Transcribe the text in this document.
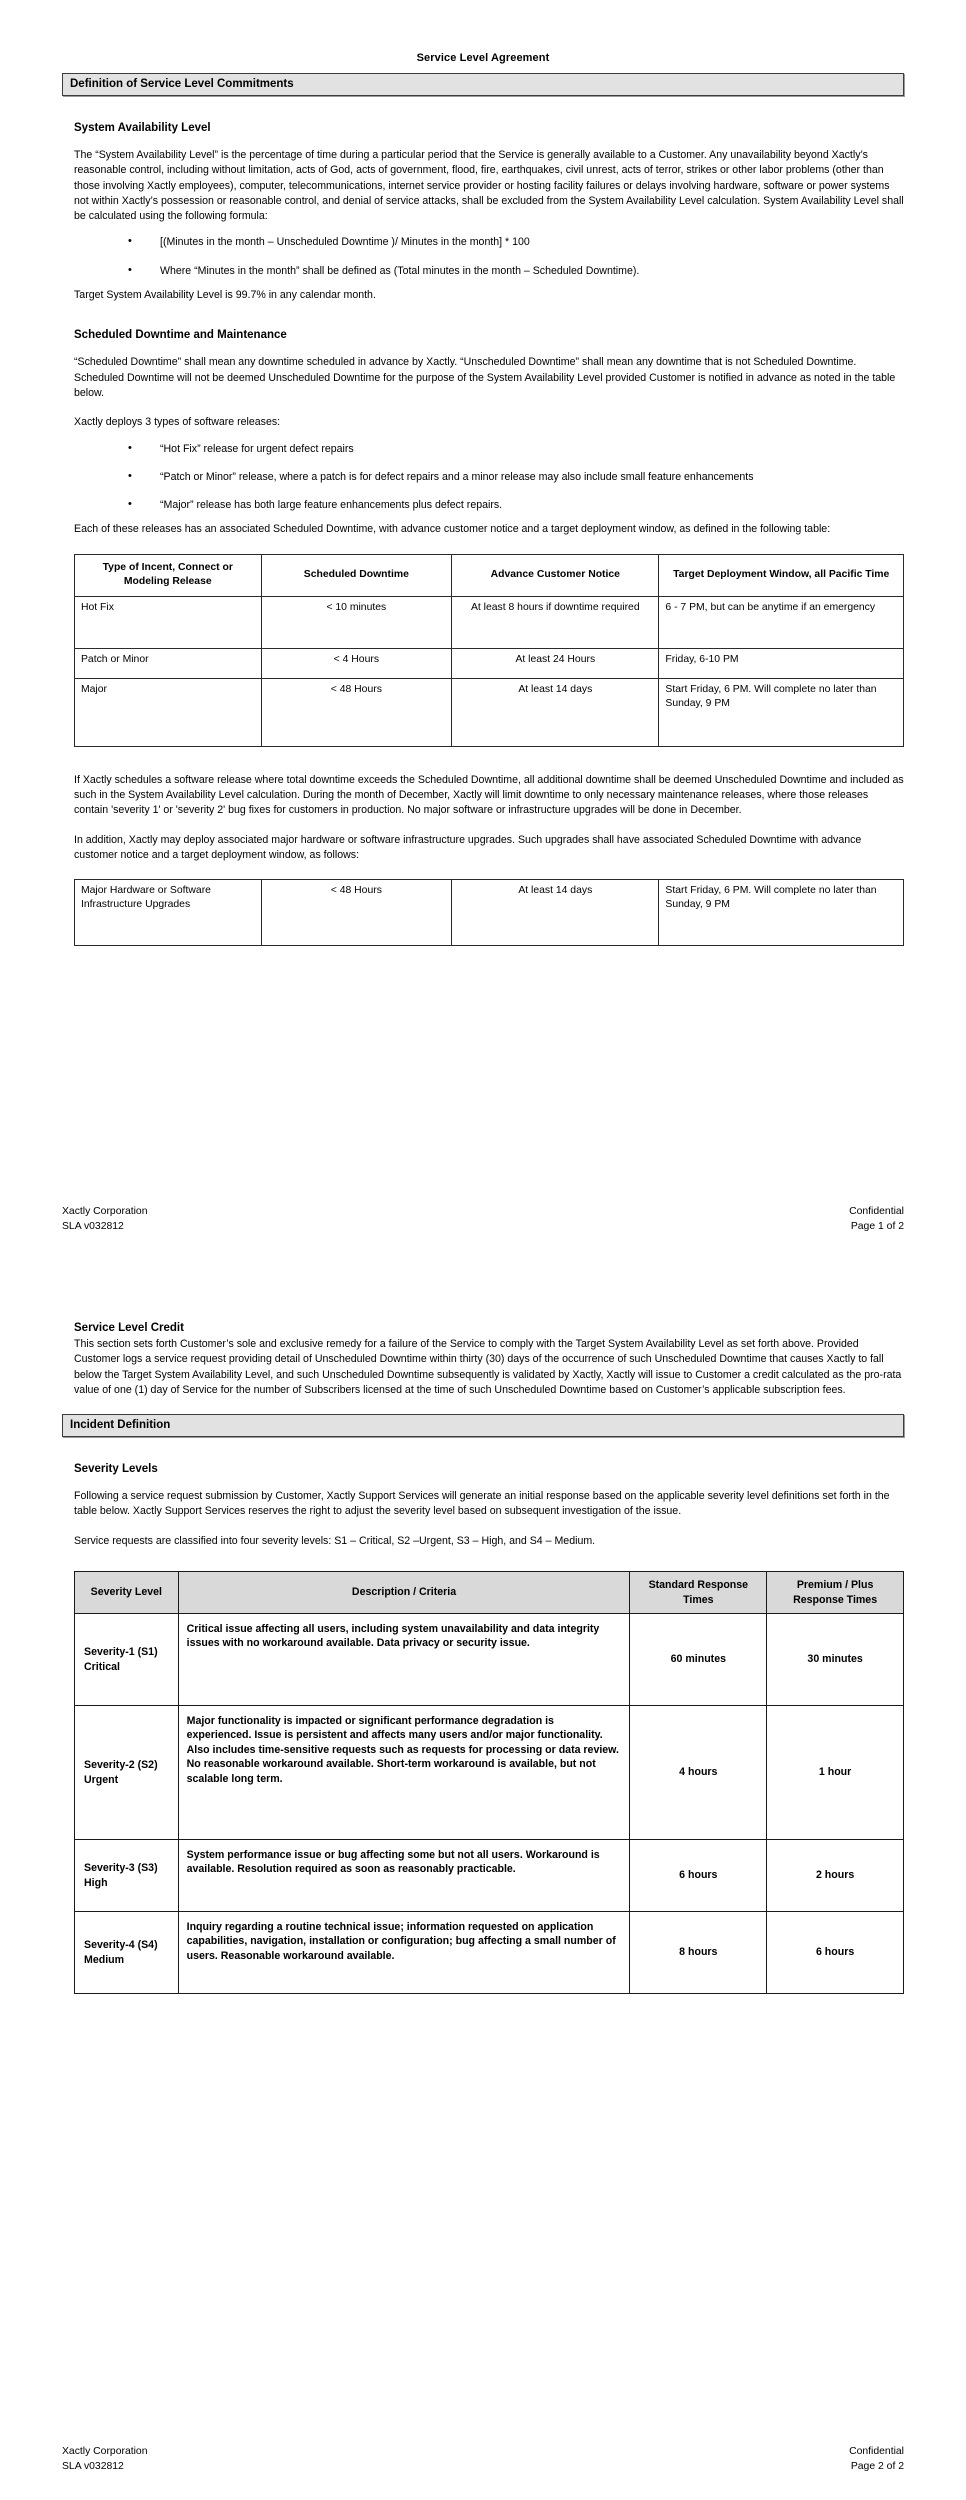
Service Level Agreement
Definition of Service Level Commitments
System Availability Level

The “System Availability Level” is the percentage of time during a particular period that the Service is generally available to a Customer. Any unavailability beyond Xactly’s reasonable control, including without limitation, acts of God, acts of government, flood, fire, earthquakes, civil unrest, acts of terror, strikes or other labor problems (other than those involving Xactly employees), computer, telecommunications, internet service provider or hosting facility failures or delays involving hardware, software or power systems not within Xactly’s possession or reasonable control, and denial of service attacks, shall be excluded from the System Availability Level calculation. System Availability Level shall be calculated using the following formula:

• [(Minutes in the month – Unscheduled Downtime )/ Minutes in the month] * 100
• Where “Minutes in the month” shall be defined as (Total minutes in the month – Scheduled Downtime).

Target System Availability Level is 99.7% in any calendar month.

Scheduled Downtime and Maintenance

“Scheduled Downtime” shall mean any downtime scheduled in advance by Xactly. “Unscheduled Downtime” shall mean any downtime that is not Scheduled Downtime. Scheduled Downtime will not be deemed Unscheduled Downtime for the purpose of the System Availability Level provided Customer is notified in advance as noted in the table below.

Xactly deploys 3 types of software releases:

• “Hot Fix” release for urgent defect repairs
• “Patch or Minor” release, where a patch is for defect repairs and a minor release may also include small feature enhancements
• “Major” release has both large feature enhancements plus defect repairs.

Each of these releases has an associated Scheduled Downtime, with advance customer notice and a target deployment window, as defined in the following table:

Type of Incent, Connect or Modeling Release	Scheduled Downtime	Advance Customer Notice	Target Deployment Window, all Pacific Time
Hot Fix	< 10 minutes	At least 8 hours if downtime required	6 - 7 PM, but can be anytime if an emergency
Patch or Minor	< 4 Hours	At least 24 Hours	Friday, 6-10 PM
Major	< 48 Hours	At least 14 days	Start Friday, 6 PM. Will complete no later than Sunday, 9 PM

If Xactly schedules a software release where total downtime exceeds the Scheduled Downtime, all additional downtime shall be deemed Unscheduled Downtime and included as such in the System Availability Level calculation. During the month of December, Xactly will limit downtime to only necessary maintenance releases, where those releases contain 'severity 1' or 'severity 2' bug fixes for customers in production. No major software or infrastructure upgrades will be done in December.

In addition, Xactly may deploy associated major hardware or software infrastructure upgrades. Such upgrades shall have associated Scheduled Downtime with advance customer notice and a target deployment window, as follows:

Major Hardware or Software Infrastructure Upgrades	< 48 Hours	At least 14 days	Start Friday, 6 PM. Will complete no later than Sunday, 9 PM
Xactly Corporation
SLA v032812
Confidential
Page 1 of 2
Service Level Credit

This section sets forth Customer’s sole and exclusive remedy for a failure of the Service to comply with the Target System Availability Level as set forth above. Provided Customer logs a service request providing detail of Unscheduled Downtime within thirty (30) days of the occurrence of such Unscheduled Downtime that causes Xactly to fall below the Target System Availability Level, and such Unscheduled Downtime subsequently is validated by Xactly, Xactly will issue to Customer a credit calculated as the pro-rata value of one (1) day of Service for the number of Subscribers licensed at the time of such Unscheduled Downtime based on Customer’s applicable subscription fees.

Incident Definition
Severity Levels

Following a service request submission by Customer, Xactly Support Services will generate an initial response based on the applicable severity level definitions set forth in the table below. Xactly Support Services reserves the right to adjust the severity level based on subsequent investigation of the issue.

Service requests are classified into four severity levels: S1 – Critical, S2 –Urgent, S3 – High, and S4 – Medium.

Severity Level	Description / Criteria	Standard Response Times	Premium / Plus Response Times
Severity-1 (S1) Critical	Critical issue affecting all users, including system unavailability and data integrity issues with no workaround available. Data privacy or security issue.	60 minutes	30 minutes
Severity-2 (S2) Urgent	Major functionality is impacted or significant performance degradation is experienced. Issue is persistent and affects many users and/or major functionality. Also includes time-sensitive requests such as requests for processing or data review. No reasonable workaround available. Short-term workaround is available, but not scalable long term.	4 hours	1 hour
Severity-3 (S3) High	System performance issue or bug affecting some but not all users. Workaround is available. Resolution required as soon as reasonably practicable.	6 hours	2 hours
Severity-4 (S4) Medium	Inquiry regarding a routine technical issue; information requested on application capabilities, navigation, installation or configuration; bug affecting a small number of users. Reasonable workaround available.	8 hours	6 hours
Xactly Corporation
SLA v032812
Confidential
Page 2 of 2
